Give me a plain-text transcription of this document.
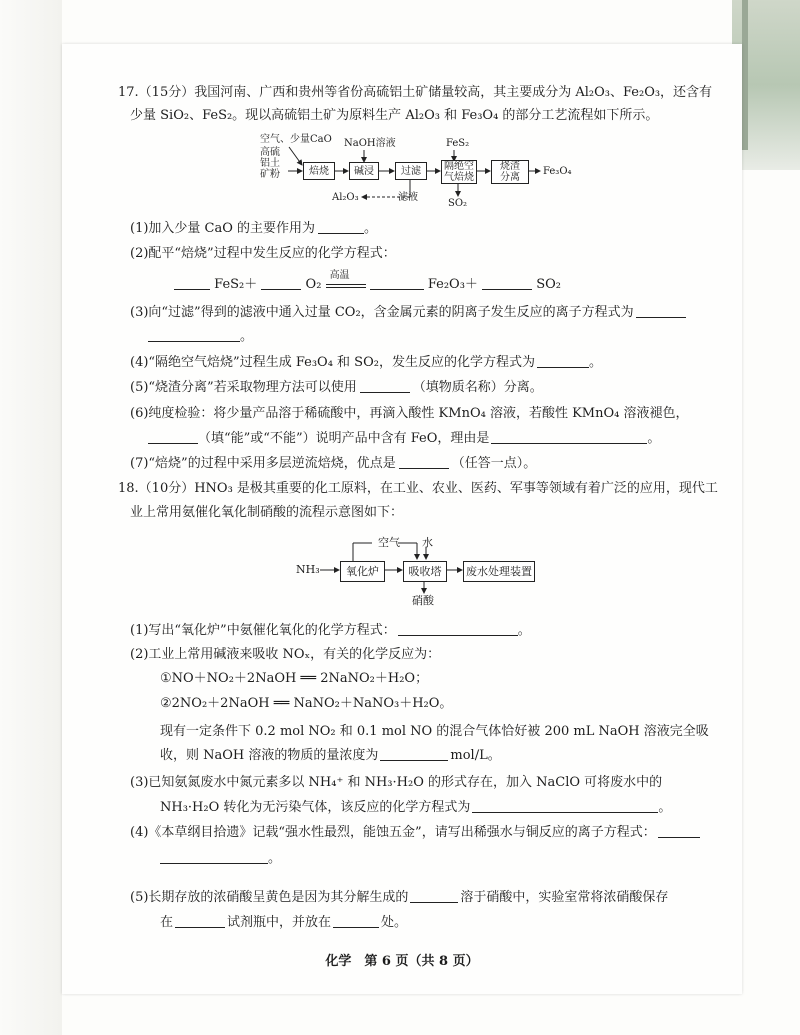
17.（15分）我国河南、广西和贵州等省份高硫铝土矿储量较高，其主要成分为 Al₂O₃、Fe₂O₃，还含有
少量 SiO₂、FeS₂。现以高硫铝土矿为原料生产 Al₂O₃ 和 Fe₃O₄ 的部分工艺流程如下所示。
空气、少量CaO
高硫
铝土
矿粉	焙烧
NaOH溶液
碱浸	过滤
FeS₂
隔绝空
气焙烧
烧渣
分离
Fe₃O₄
Al₂O₃	滤液
SO₂
(1)加入少量 CaO 的主要作用为	。
(2)配平“焙烧”过程中发生反应的化学方程式：
FeS₂＋	O₂
高温
Fe₂O₃＋	SO₂
(3)向“过滤”得到的滤液中通入过量 CO₂，含金属元素的阴离子发生反应的离子方程式为
。
(4)“隔绝空气焙烧”过程生成 Fe₃O₄ 和 SO₂，发生反应的化学方程式为	。
(5)“烧渣分离”若采取物理方法可以使用	（填物质名称）分离。
(6)纯度检验：将少量产品溶于稀硫酸中，再滴入酸性 KMnO₄ 溶液，若酸性 KMnO₄ 溶液褪色，
（填“能”或“不能”）说明产品中含有 FeO，理由是	。
(7)“焙烧”的过程中采用多层逆流焙烧，优点是	（任答一点）。
18.（10分）HNO₃ 是极其重要的化工原料，在工业、农业、医药、军事等领域有着广泛的应用，现代工
业上常用氨催化氧化制硝酸的流程示意图如下：
空气 水
NH₃	氧化炉	吸收塔	废水处理装置
硝酸
(1)写出“氧化炉”中氨催化氧化的化学方程式：	。
(2)工业上常用碱液来吸收 NOₓ，有关的化学反应为：
①NO＋NO₂＋2NaOH ══ 2NaNO₂＋H₂O；
②2NO₂＋2NaOH ══ NaNO₂＋NaNO₃＋H₂O。
现有一定条件下 0.2 mol NO₂ 和 0.1 mol NO 的混合气体恰好被 200 mL NaOH 溶液完全吸
收，则 NaOH 溶液的物质的量浓度为	mol/L。
(3)已知氨氮废水中氮元素多以 NH₄⁺ 和 NH₃·H₂O 的形式存在，加入 NaClO 可将废水中的
NH₃·H₂O 转化为无污染气体，该反应的化学方程式为	。
(4)《本草纲目拾遗》记载“强水性最烈，能蚀五金”，请写出稀强水与铜反应的离子方程式：
。
(5)长期存放的浓硝酸呈黄色是因为其分解生成的	溶于硝酸中，实验室常将浓硝酸保存
在	试剂瓶中，并放在	处。
化学　第 6 页（共 8 页）
